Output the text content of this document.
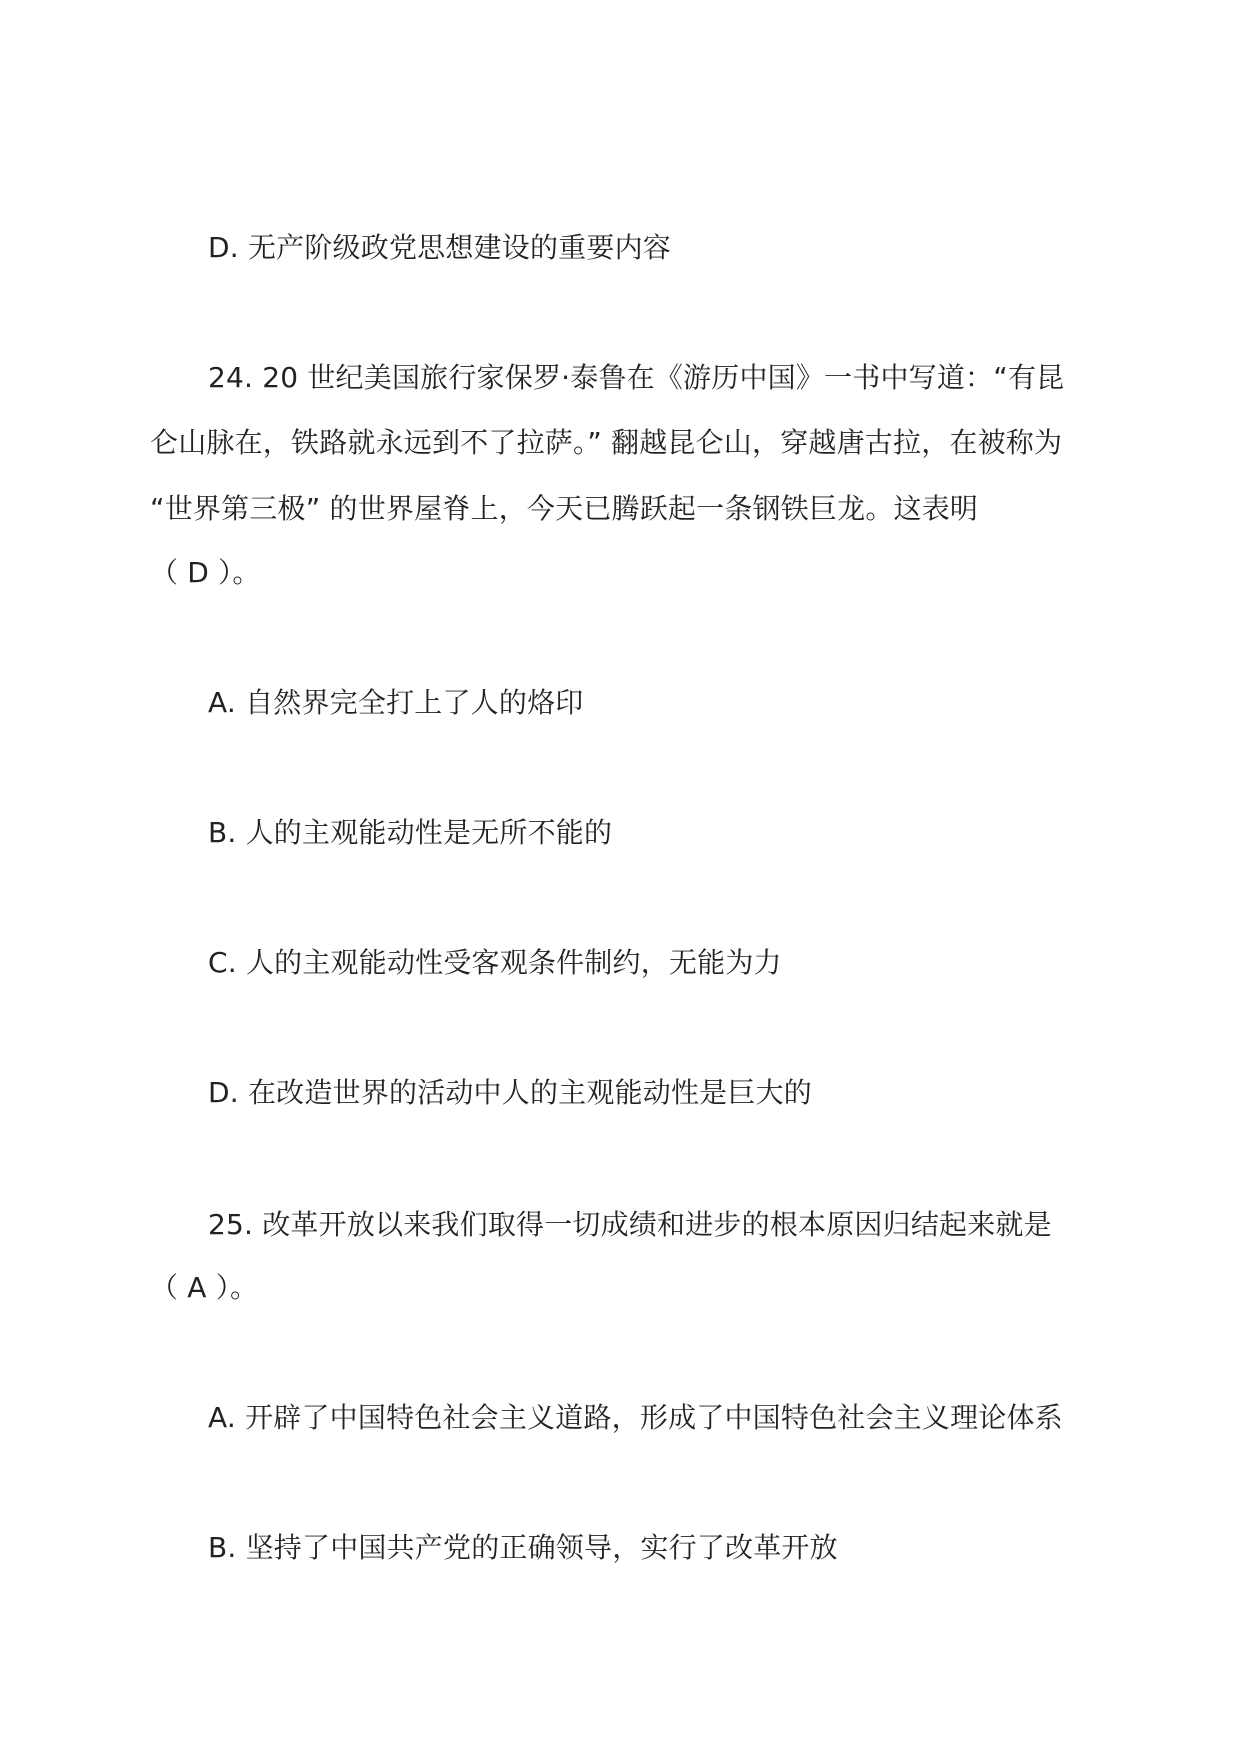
D. 无产阶级政党思想建设的重要内容
24. 20 世纪美国旅行家保罗·泰鲁在《游历中国》一书中写道：“有昆
仑山脉在，铁路就永远到不了拉萨。” 翻越昆仑山，穿越唐古拉，在被称为
“世界第三极” 的世界屋脊上，今天已腾跃起一条钢铁巨龙。这表明
（ D ）。
A. 自然界完全打上了人的烙印
B. 人的主观能动性是无所不能的
C. 人的主观能动性受客观条件制约，无能为力
D. 在改造世界的活动中人的主观能动性是巨大的
25. 改革开放以来我们取得一切成绩和进步的根本原因归结起来就是
（ A ）。
A. 开辟了中国特色社会主义道路，形成了中国特色社会主义理论体系
B. 坚持了中国共产党的正确领导，实行了改革开放
